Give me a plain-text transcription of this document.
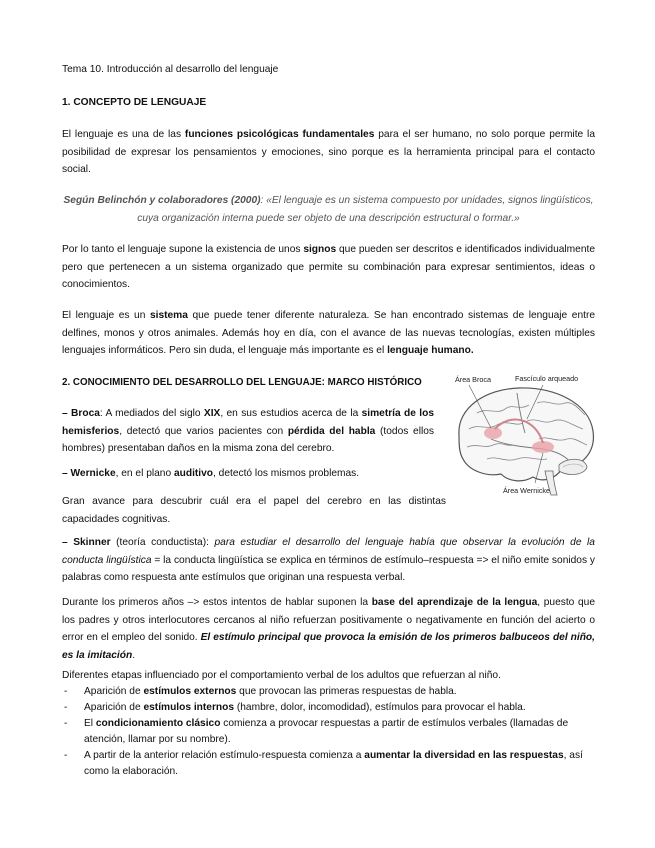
Tema 10. Introducción al desarrollo del lenguaje
1. CONCEPTO DE LENGUAJE
El lenguaje es una de las funciones psicológicas fundamentales para el ser humano, no solo porque permite la posibilidad de expresar los pensamientos y emociones, sino porque es la herramienta principal para el contacto social.
Según Belinchón y colaboradores (2000): «El lenguaje es un sistema compuesto por unidades, signos lingüísticos, cuya organización interna puede ser objeto de una descripción estructural o formar.»
Por lo tanto el lenguaje supone la existencia de unos signos que pueden ser descritos e identificados individualmente pero que pertenecen a un sistema organizado que permite su combinación para expresar sentimientos, ideas o conocimientos.
El lenguaje es un sistema que puede tener diferente naturaleza. Se han encontrado sistemas de lenguaje entre delfines, monos y otros animales. Además hoy en día, con el avance de las nuevas tecnologías, existen múltiples lenguajes informáticos. Pero sin duda, el lenguaje más importante es el lenguaje humano.
2. CONOCIMIENTO DEL DESARROLLO DEL LENGUAJE: MARCO HISTÓRICO
– Broca: A mediados del siglo XIX, en sus estudios acerca de la simetría de los hemisferios, detectó que varios pacientes con pérdida del habla (todos ellos hombres) presentaban daños en la misma zona del cerebro.
– Wernicke, en el plano auditivo, detectó los mismos problemas.
Gran avance para descubrir cuál era el papel del cerebro en las distintas capacidades cognitivas.
– Skinner (teoría conductista): para estudiar el desarrollo del lenguaje había que observar la evolución de la conducta lingüística = la conducta lingüística se explica en términos de estímulo–respuesta => el niño emite sonidos y palabras como respuesta ante estímulos que originan una respuesta verbal.
Durante los primeros años –> estos intentos de hablar suponen la base del aprendizaje de la lengua, puesto que los padres y otros interlocutores cercanos al niño refuerzan positivamente o negativamente en función del acierto o error en el empleo del sonido. El estímulo principal que provoca la emisión de los primeros balbuceos del niño, es la imitación.
Diferentes etapas influenciado por el comportamiento verbal de los adultos que refuerzan al niño.
- Aparición de estímulos externos que provocan las primeras respuestas de habla.
- Aparición de estímulos internos (hambre, dolor, incomodidad), estímulos para provocar el habla.
- El condicionamiento clásico comienza a provocar respuestas a partir de estímulos verbales (llamadas de atención, llamar por su nombre).
- A partir de la anterior relación estímulo-respuesta comienza a aumentar la diversidad en las respuestas, así como la elaboración.
Área Broca	Fascículo arqueado
Área Wernicke
